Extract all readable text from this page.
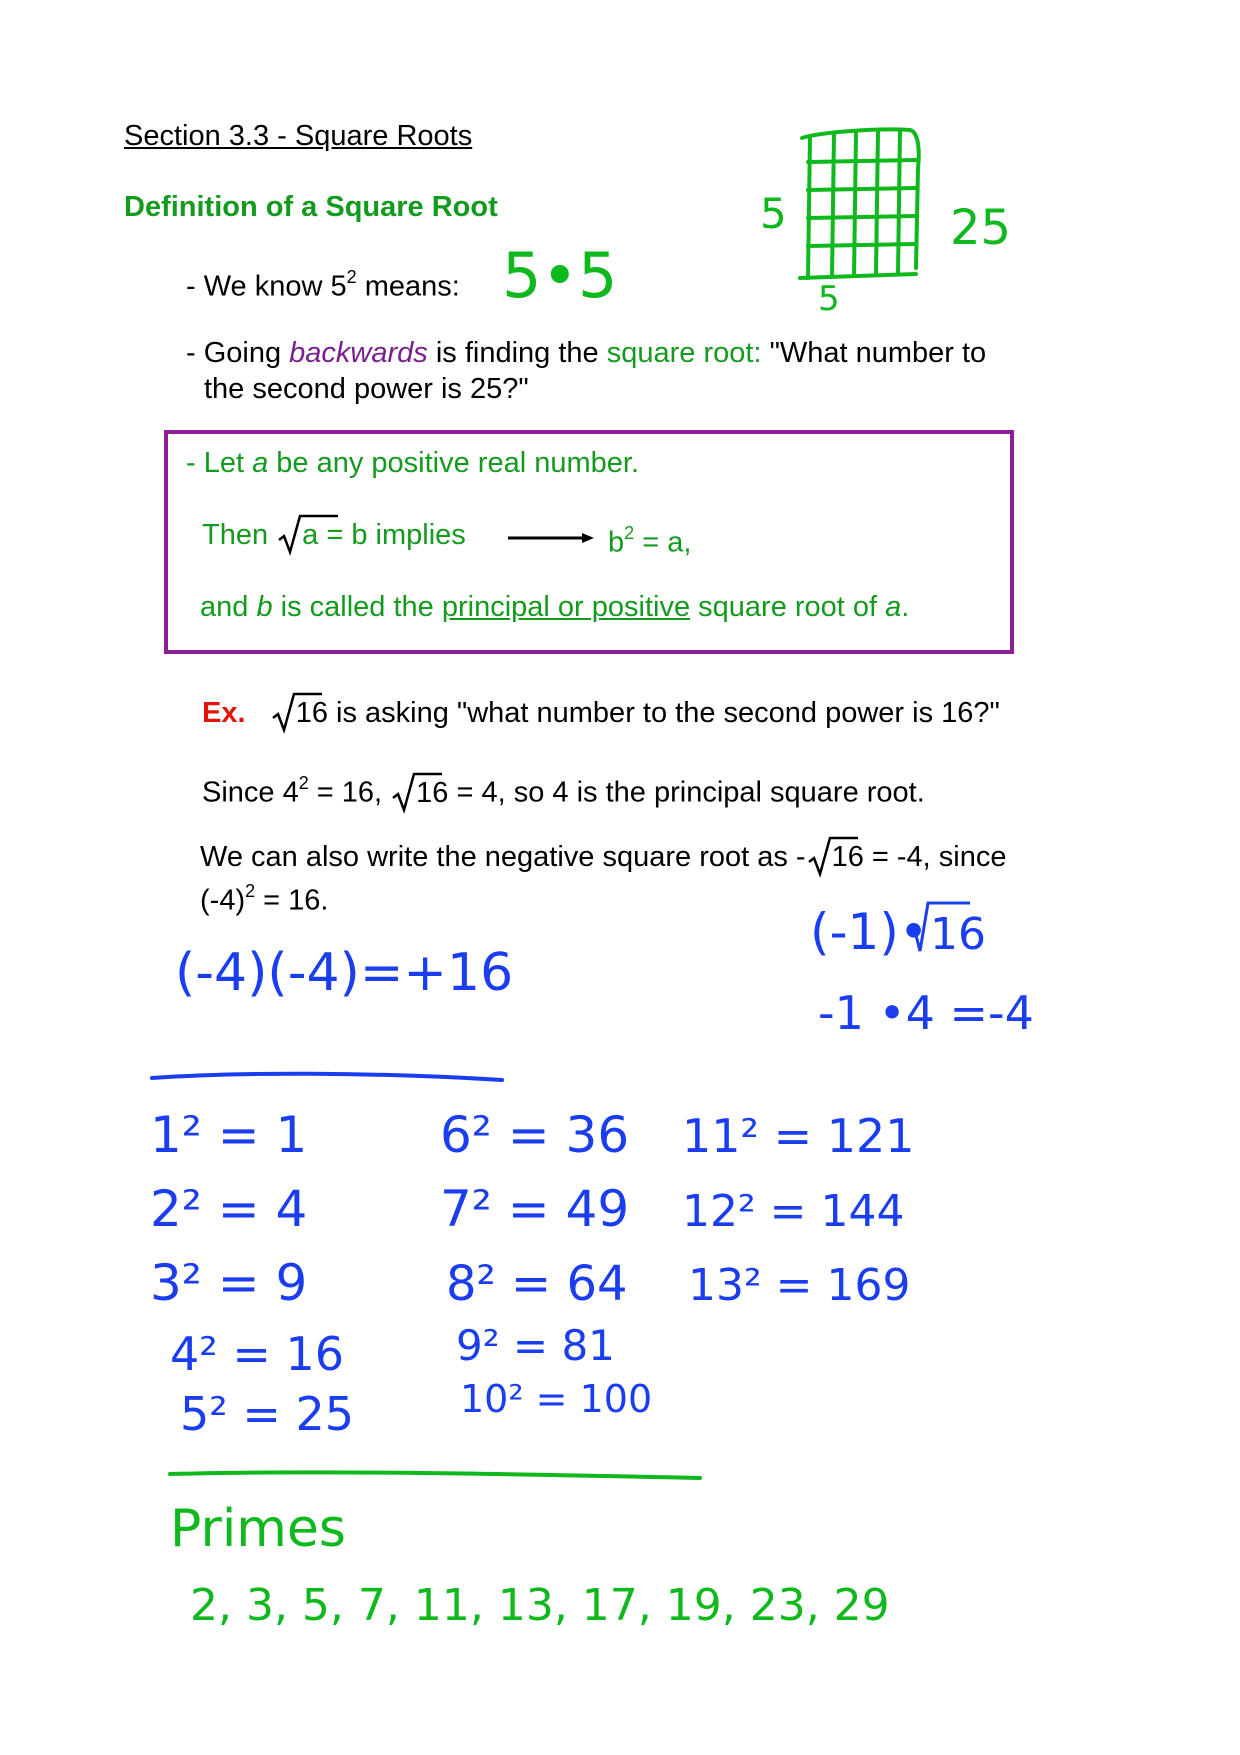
Section 3.3 - Square Roots
Definition of a Square Root
- We know $5^2$ means:
- Going backwards is finding the square root: "What number to
the second power is 25?"
- Let a be any positive real number.
Then
a = b implies	$b^2 = a$,
and b is called the principal or positive square root of a.
Ex. 16 is asking "what number to the second power is 16?"
Since $4^2 = 16$,
16 = 4, so 4 is the principal square root.
We can also write the negative square root as - 16 = -4, since
$(-4)^2 = 16$.
5•5
5
5
25
(-4)(-4)=+16
(-1)• 16
-1 •4 =-4
1² = 1
2² = 4
3² = 9
4² = 16
5² = 25
6² = 36
7² = 49
8² = 64
9² = 81
10² = 100
11² = 121
12² = 144
13² = 169
Primes
2, 3, 5, 7, 11, 13, 17, 19, 23, 29
